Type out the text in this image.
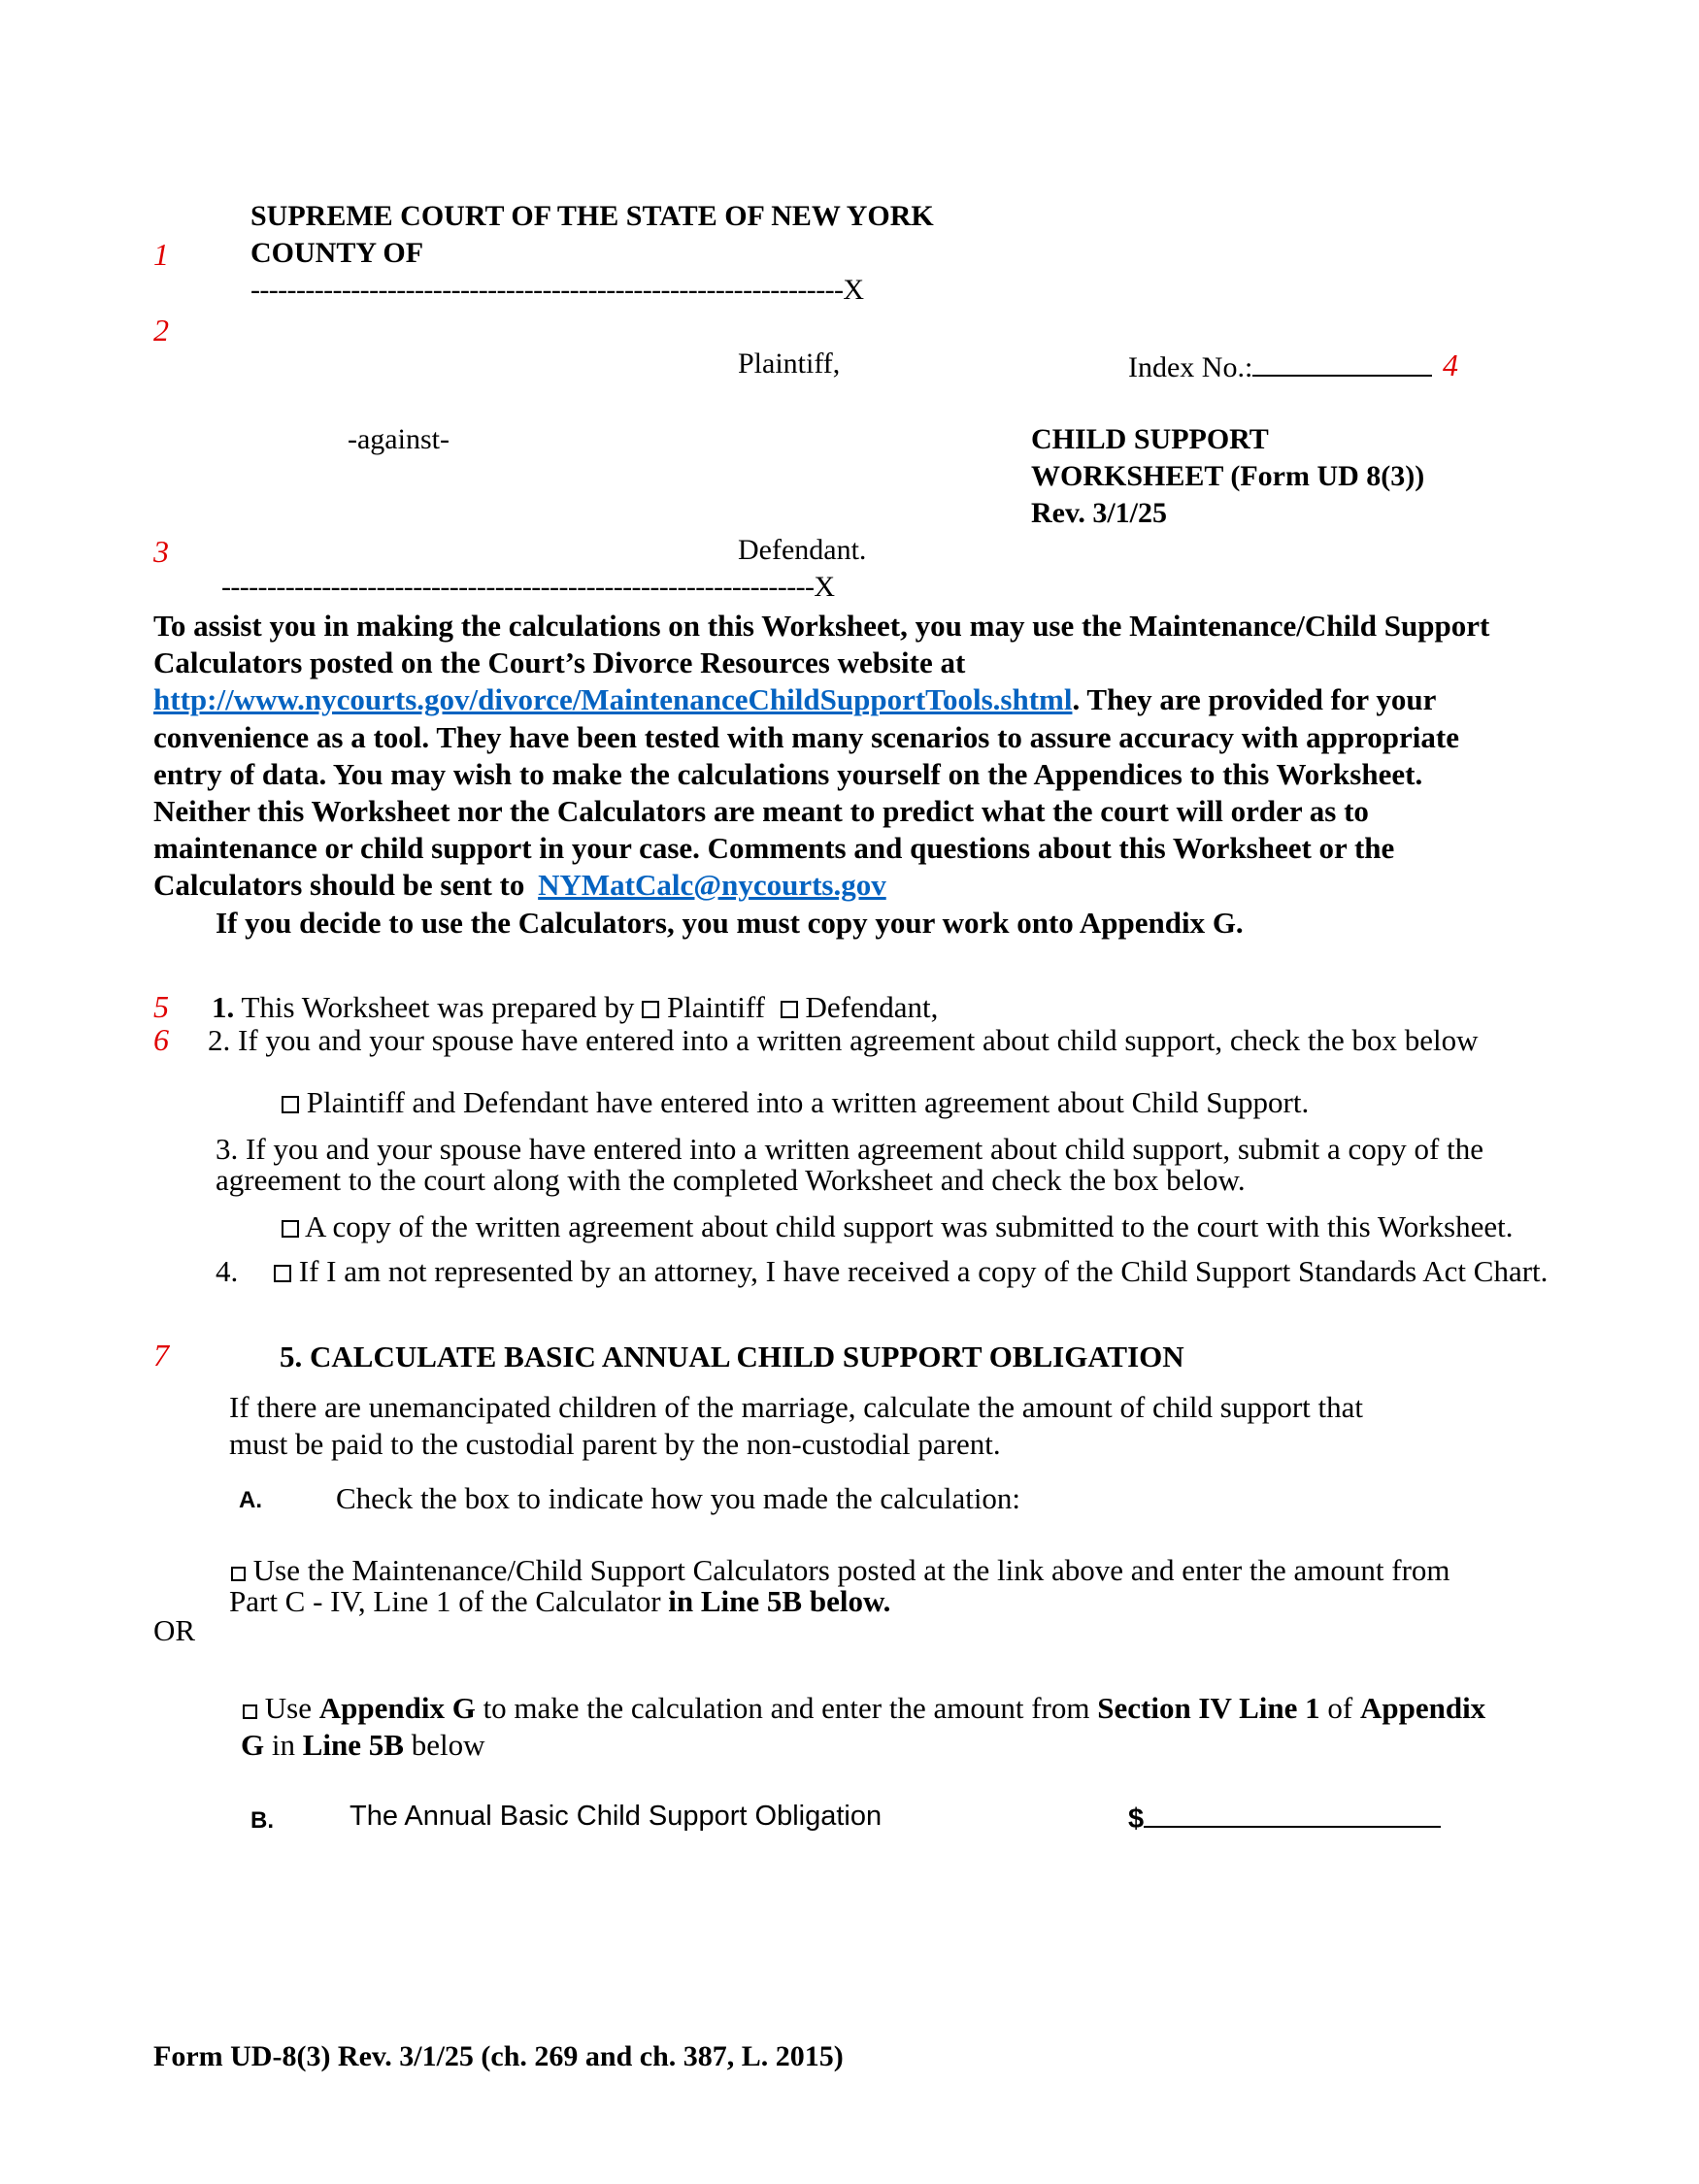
SUPREME COURT OF THE STATE OF NEW YORK
COUNTY OF
1
-----------------------------------------------------------------X
2
Plaintiff,	Index No.:	4
-against-	CHILD SUPPORT
WORKSHEET (Form UD 8(3))
Rev. 3/1/25
3	Defendant.
-----------------------------------------------------------------X

To assist you in making the calculations on this Worksheet, you may use the Maintenance/Child Support

Calculators posted on the Court’s Divorce Resources website at

http://www.nycourts.gov/divorce/MaintenanceChildSupportTools.shtml. They are provided for your

convenience as a tool. They have been tested with many scenarios to assure accuracy with appropriate

entry of data. You may wish to make the calculations yourself on the Appendices to this Worksheet.

Neither this Worksheet nor the Calculators are meant to predict what the court will order as to

maintenance or child support in your case. Comments and questions about this Worksheet or the

Calculators should be sent to NYMatCalc@nycourts.gov

If you decide to use the Calculators, you must copy your work onto Appendix G.

5 1. This Worksheet was prepared by  Plaintiff  Defendant,
6 2. If you and your spouse have entered into a written agreement about child support, check the box below
Plaintiff and Defendant have entered into a written agreement about Child Support.
3. If you and your spouse have entered into a written agreement about child support, submit a copy of the
agreement to the court along with the completed Worksheet and check the box below.
A copy of the written agreement about child support was submitted to the court with this Worksheet.
4.	If I am not represented by an attorney, I have received a copy of the Child Support Standards Act Chart.
7	5. CALCULATE BASIC ANNUAL CHILD SUPPORT OBLIGATION
If there are unemancipated children of the marriage, calculate the amount of child support that
must be paid to the custodial parent by the non-custodial parent.
A. Check the box to indicate how you made the calculation:
Use the Maintenance/Child Support Calculators posted at the link above and enter the amount from
Part C - IV, Line 1 of the Calculator in Line 5B below.
OR
Use Appendix G to make the calculation and enter the amount from Section IV Line 1 of Appendix
G in Line 5B below
B.	The Annual Basic Child Support Obligation	$
Form UD-8(3) Rev. 3/1/25 (ch. 269 and ch. 387, L. 2015)
